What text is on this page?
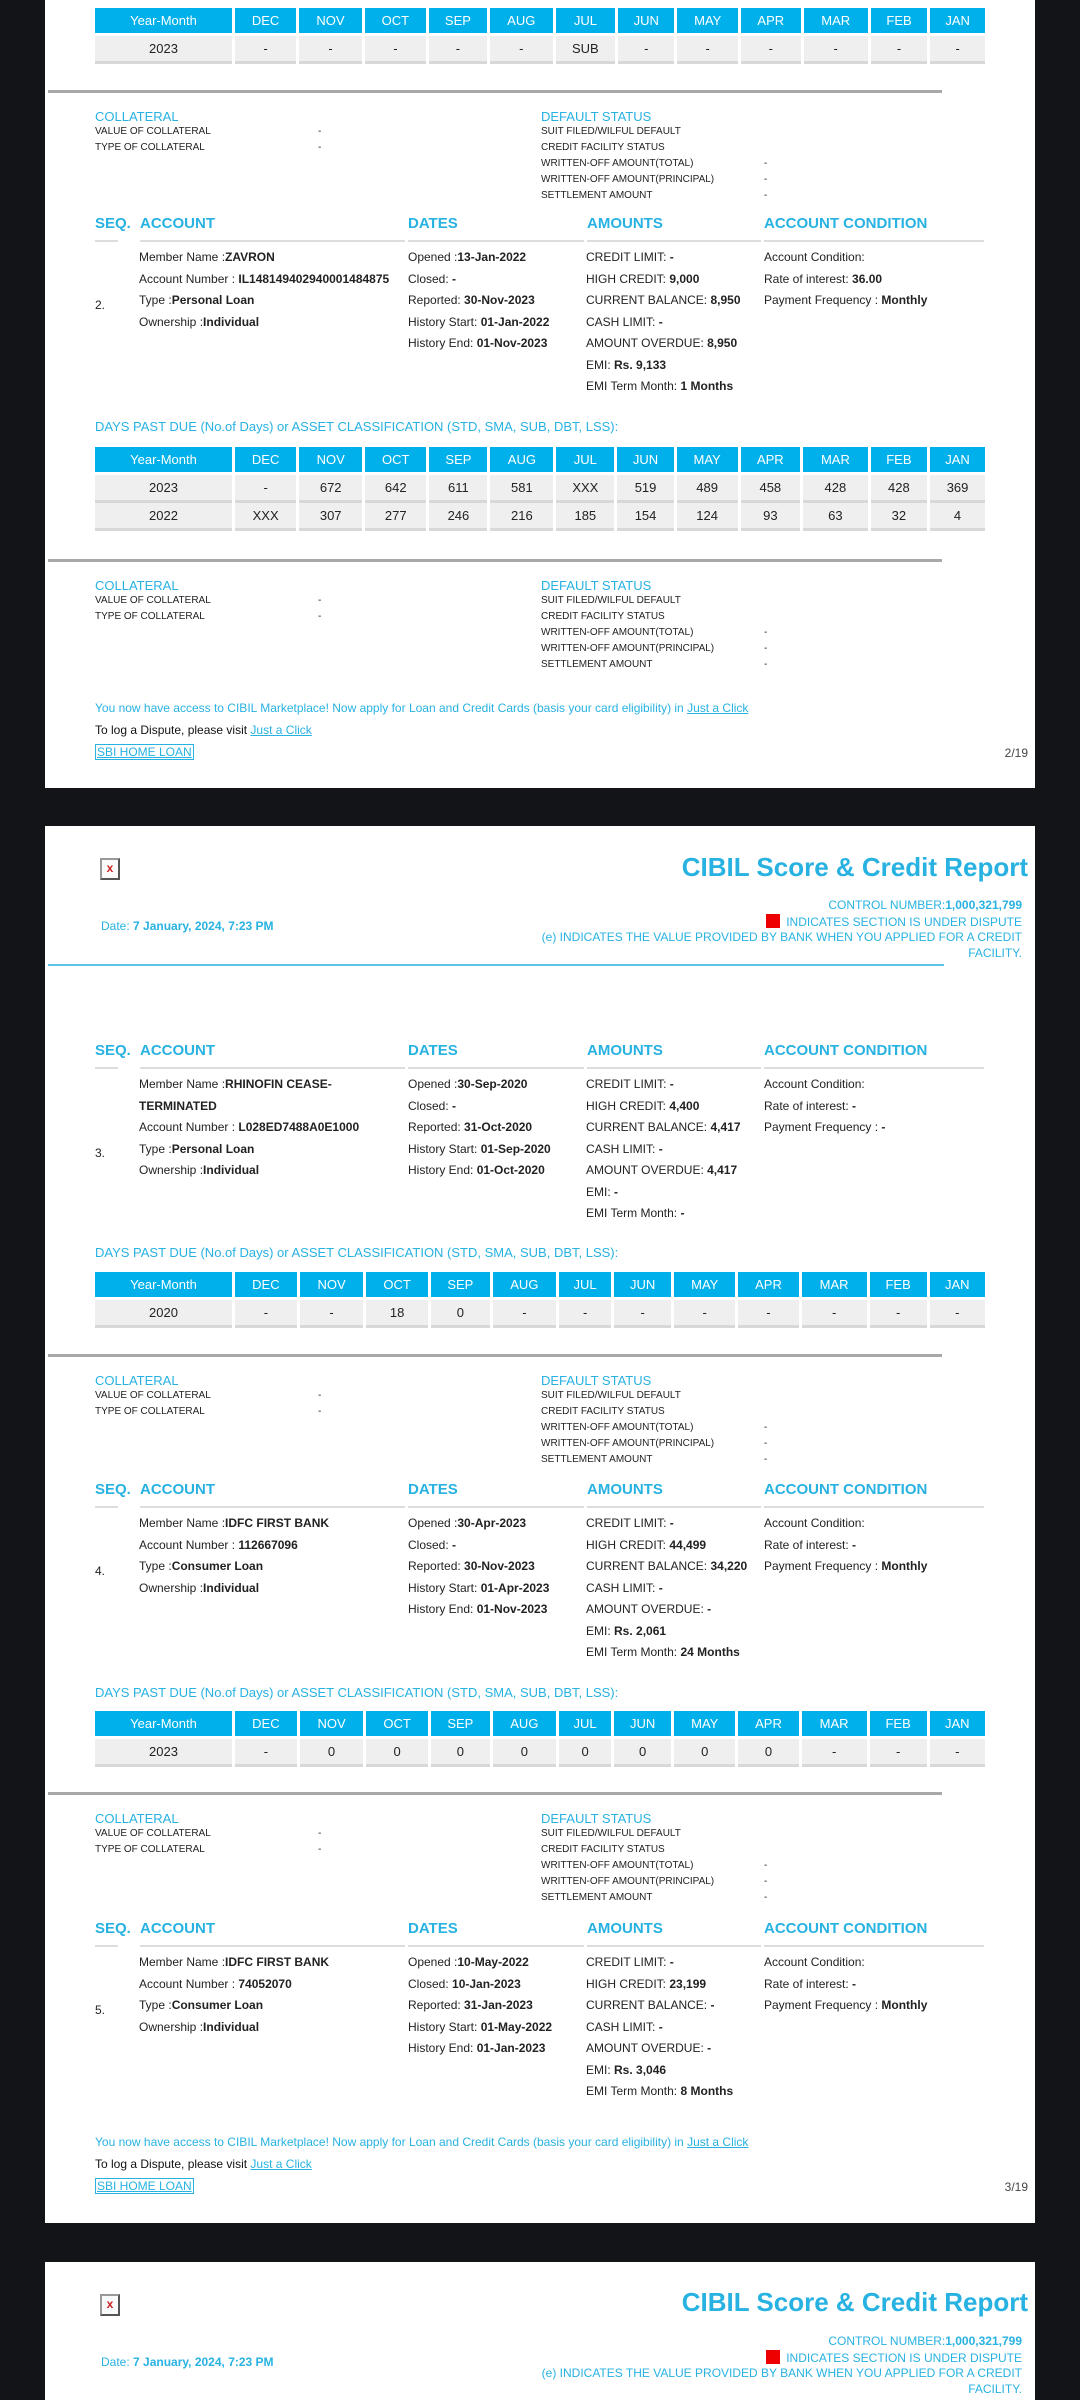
Year-Month	DEC	NOV	OCT	SEP	AUG	JUL	JUN	MAY	APR	MAR	FEB	JAN
2023	-	-	-	-	-	SUB	-	-	-	-	-	-
COLLATERAL
VALUE OF COLLATERAL	-
TYPE OF COLLATERAL	-
DEFAULT STATUS
SUIT FILED/WILFUL DEFAULT
CREDIT FACILITY STATUS
WRITTEN-OFF AMOUNT(TOTAL)	-
WRITTEN-OFF AMOUNT(PRINCIPAL)	-
SETTLEMENT AMOUNT	-
SEQ. ACCOUNT	DATES	AMOUNTS	ACCOUNT CONDITION
2.
Member Name :ZAVRON
Account Number : IL148149402940001484875
Type :Personal Loan
Ownership :Individual
Opened :13-Jan-2022
Closed: -
Reported: 30-Nov-2023
History Start: 01-Jan-2022
History End: 01-Nov-2023
CREDIT LIMIT: -
HIGH CREDIT: 9,000
CURRENT BALANCE: 8,950
CASH LIMIT: -
AMOUNT OVERDUE: 8,950
EMI: Rs. 9,133
EMI Term Month: 1 Months
Account Condition:
Rate of interest: 36.00
Payment Frequency : Monthly
DAYS PAST DUE (No.of Days) or ASSET CLASSIFICATION (STD, SMA, SUB, DBT, LSS):
Year-Month	DEC	NOV	OCT	SEP	AUG	JUL	JUN	MAY	APR	MAR	FEB	JAN
2023	-	672	642	611	581	XXX	519	489	458	428	428	369
2022	XXX	307	277	246	216	185	154	124	93	63	32	4
COLLATERAL
VALUE OF COLLATERAL	-
TYPE OF COLLATERAL	-
DEFAULT STATUS
SUIT FILED/WILFUL DEFAULT
CREDIT FACILITY STATUS
WRITTEN-OFF AMOUNT(TOTAL)	-
WRITTEN-OFF AMOUNT(PRINCIPAL)	-
SETTLEMENT AMOUNT	-
You now have access to CIBIL Marketplace! Now apply for Loan and Credit Cards (basis your card eligibility) in Just a Click
To log a Dispute, please visit Just a Click
SBI HOME LOAN	2/19
x	CIBIL Score & Credit Report
Date: 7 January, 2024, 7:23 PM
CONTROL NUMBER:1,000,321,799
INDICATES SECTION IS UNDER DISPUTE
(e) INDICATES THE VALUE PROVIDED BY BANK WHEN YOU APPLIED FOR A CREDIT
FACILITY.
SEQ. ACCOUNT	DATES	AMOUNTS	ACCOUNT CONDITION
3.
Member Name :RHINOFIN CEASE-
TERMINATED
Account Number : L028ED7488A0E1000
Type :Personal Loan
Ownership :Individual
Opened :30-Sep-2020
Closed: -
Reported: 31-Oct-2020
History Start: 01-Sep-2020
History End: 01-Oct-2020
CREDIT LIMIT: -
HIGH CREDIT: 4,400
CURRENT BALANCE: 4,417
CASH LIMIT: -
AMOUNT OVERDUE: 4,417
EMI: -
EMI Term Month: -
Account Condition:
Rate of interest: -
Payment Frequency : -
DAYS PAST DUE (No.of Days) or ASSET CLASSIFICATION (STD, SMA, SUB, DBT, LSS):
Year-Month	DEC	NOV	OCT	SEP	AUG	JUL	JUN	MAY	APR	MAR	FEB	JAN
2020	-	-	18	0	-	-	-	-	-	-	-	-
COLLATERAL
VALUE OF COLLATERAL	-
TYPE OF COLLATERAL	-
DEFAULT STATUS
SUIT FILED/WILFUL DEFAULT
CREDIT FACILITY STATUS
WRITTEN-OFF AMOUNT(TOTAL)	-
WRITTEN-OFF AMOUNT(PRINCIPAL)	-
SETTLEMENT AMOUNT	-
SEQ. ACCOUNT	DATES	AMOUNTS	ACCOUNT CONDITION
4.
Member Name :IDFC FIRST BANK
Account Number : 112667096
Type :Consumer Loan
Ownership :Individual
Opened :30-Apr-2023
Closed: -
Reported: 30-Nov-2023
History Start: 01-Apr-2023
History End: 01-Nov-2023
CREDIT LIMIT: -
HIGH CREDIT: 44,499
CURRENT BALANCE: 34,220
CASH LIMIT: -
AMOUNT OVERDUE: -
EMI: Rs. 2,061
EMI Term Month: 24 Months
Account Condition:
Rate of interest: -
Payment Frequency : Monthly
DAYS PAST DUE (No.of Days) or ASSET CLASSIFICATION (STD, SMA, SUB, DBT, LSS):
Year-Month	DEC	NOV	OCT	SEP	AUG	JUL	JUN	MAY	APR	MAR	FEB	JAN
2023	-	0	0	0	0	0	0	0	0	-	-	-
COLLATERAL
VALUE OF COLLATERAL	-
TYPE OF COLLATERAL	-
DEFAULT STATUS
SUIT FILED/WILFUL DEFAULT
CREDIT FACILITY STATUS
WRITTEN-OFF AMOUNT(TOTAL)	-
WRITTEN-OFF AMOUNT(PRINCIPAL)	-
SETTLEMENT AMOUNT	-
SEQ. ACCOUNT	DATES	AMOUNTS	ACCOUNT CONDITION
5.
Member Name :IDFC FIRST BANK
Account Number : 74052070
Type :Consumer Loan
Ownership :Individual
Opened :10-May-2022
Closed: 10-Jan-2023
Reported: 31-Jan-2023
History Start: 01-May-2022
History End: 01-Jan-2023
CREDIT LIMIT: -
HIGH CREDIT: 23,199
CURRENT BALANCE: -
CASH LIMIT: -
AMOUNT OVERDUE: -
EMI: Rs. 3,046
EMI Term Month: 8 Months
Account Condition:
Rate of interest: -
Payment Frequency : Monthly
You now have access to CIBIL Marketplace! Now apply for Loan and Credit Cards (basis your card eligibility) in Just a Click
To log a Dispute, please visit Just a Click
SBI HOME LOAN	3/19
x	CIBIL Score & Credit Report
Date: 7 January, 2024, 7:23 PM
CONTROL NUMBER:1,000,321,799
INDICATES SECTION IS UNDER DISPUTE
(e) INDICATES THE VALUE PROVIDED BY BANK WHEN YOU APPLIED FOR A CREDIT
FACILITY.
